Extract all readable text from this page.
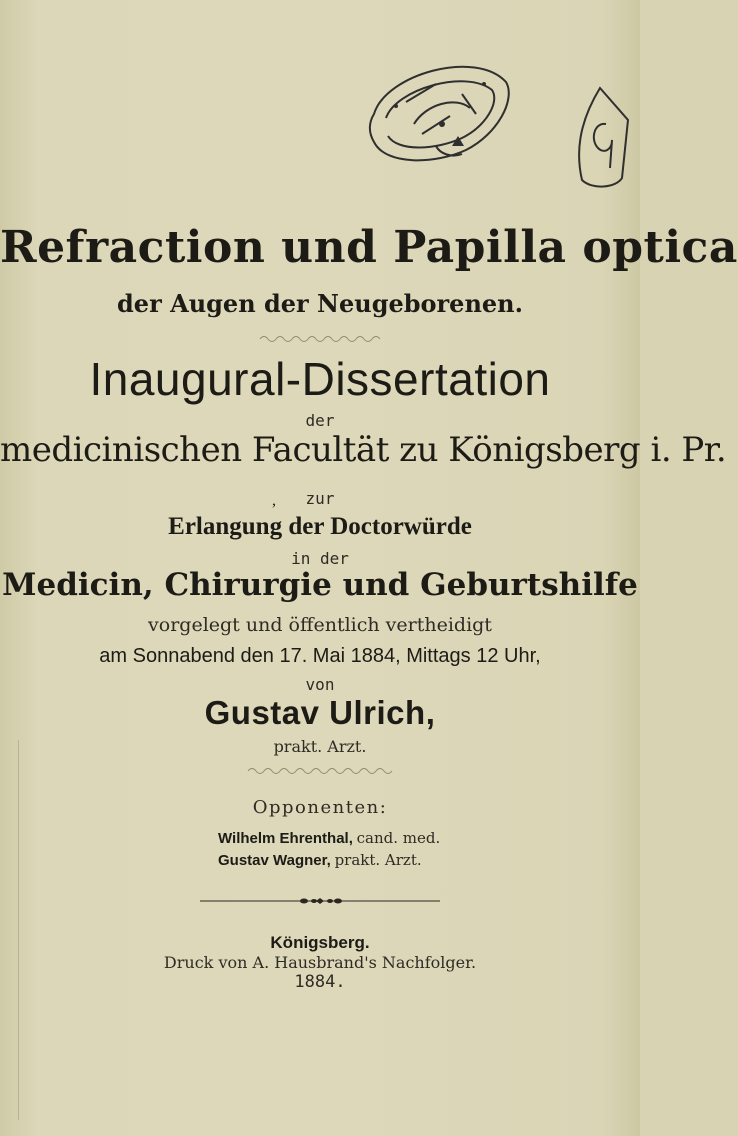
Refraction und Papilla optica
der Augen der Neugeborenen.
Inaugural-Dissertation
der
medicinischen Facultät zu Königsberg i. Pr.
zur
,
Erlangung der Doctorwürde
in der
Medicin, Chirurgie und Geburtshilfe
vorgelegt und öffentlich vertheidigt
am Sonnabend den 17. Mai 1884, Mittags 12 Uhr,
von
Gustav Ulrich,
prakt. Arzt.
Opponenten:
Wilhelm Ehrenthal, cand. med.
Gustav Wagner, prakt. Arzt.
Königsberg.
Druck von A. Hausbrand's Nachfolger.
1884.
